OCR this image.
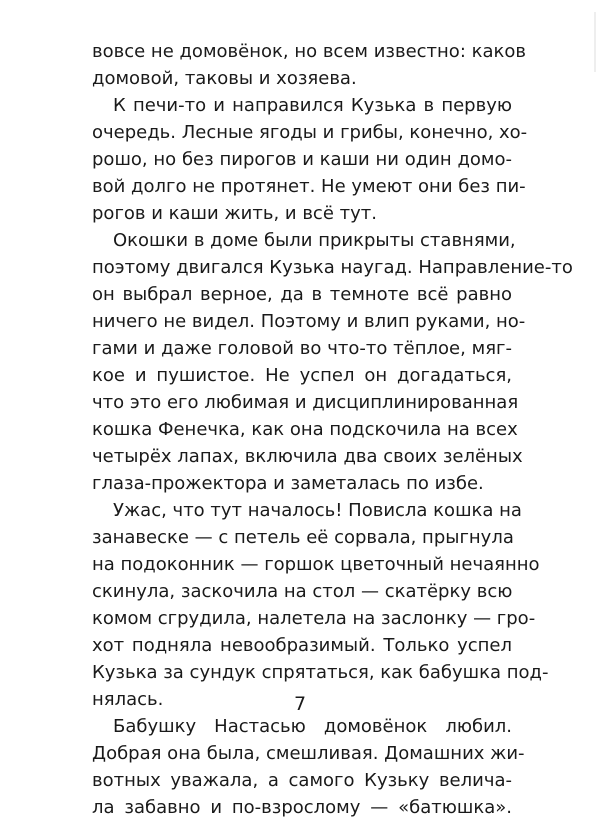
вовсе не домовёнок, но всем известно: каков
домовой, таковы и хозяева.
К печи-то и направился Кузька в первую
очередь. Лесные ягоды и грибы, конечно, хо-
рошо, но без пирогов и каши ни один домо-
вой долго не протянет. Не умеют они без пи-
рогов и каши жить, и всё тут.
Окошки в доме были прикрыты ставнями,
поэтому двигался Кузька наугад. Направление-то
он выбрал верное, да в темноте всё равно
ничего не видел. Поэтому и влип руками, но-
гами и даже головой во что-то тёплое, мяг-
кое и пушистое. Не успел он догадаться,
что это его любимая и дисциплинированная
кошка Фенечка, как она подскочила на всех
четырёх лапах, включила два своих зелёных
глаза-прожектора и заметалась по избе.
Ужас, что тут началось! Повисла кошка на
занавеске — с петель её сорвала, прыгнула
на подоконник — горшок цветочный нечаянно
скинула, заскочила на стол — скатёрку всю
комом сгрудила, налетела на заслонку — гро-
хот подняла невообразимый. Только успел
Кузька за сундук спрятаться, как бабушка под-
нялась.
Бабушку Настасью домовёнок любил.
Добрая она была, смешливая. Домашних жи-
вотных уважала, а самого Кузьку велича-
ла забавно и по-взрослому — «батюшка».
7
